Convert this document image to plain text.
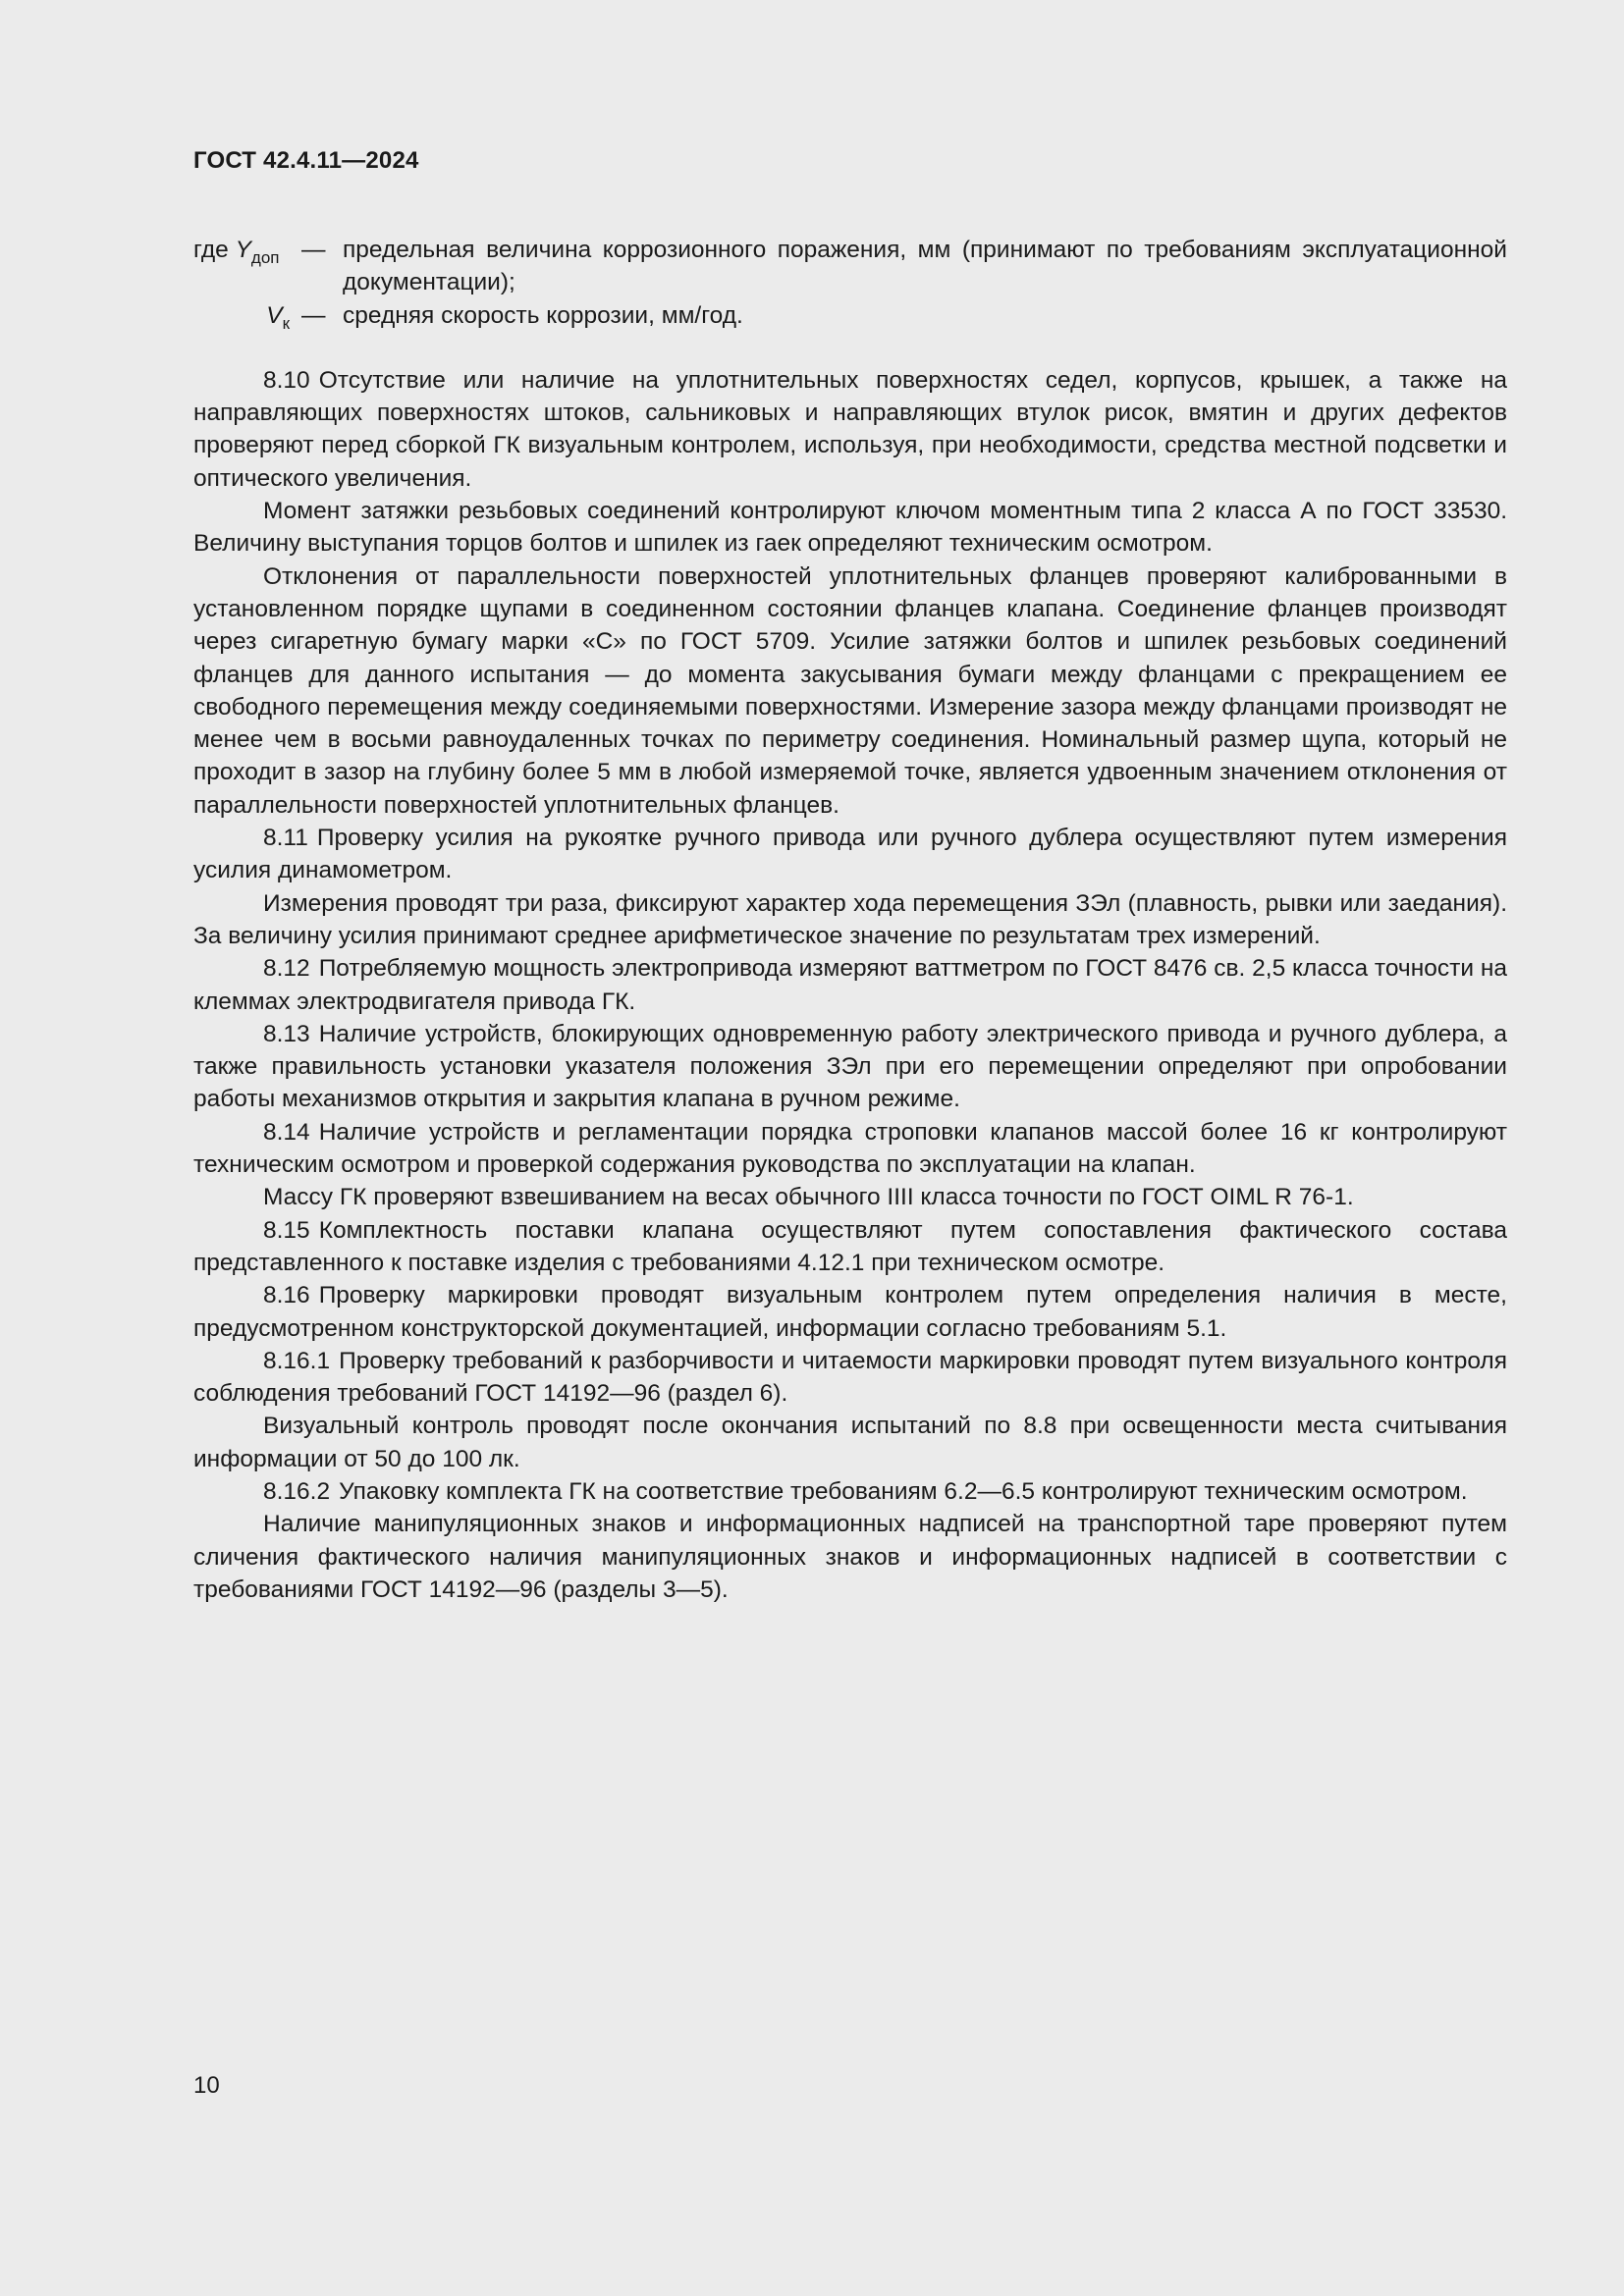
ГОСТ 42.4.11—2024
где $Y_{доп}$ — предельная величина коррозионного поражения, мм (принимают по требованиям эксплуатационной документации);
$V_к$ — средняя скорость коррозии, мм/год.

8.10 Отсутствие или наличие на уплотнительных поверхностях седел, корпусов, крышек, а также на направляющих поверхностях штоков, сальниковых и направляющих втулок рисок, вмятин и других дефектов проверяют перед сборкой ГК визуальным контролем, используя, при необходимости, средства местной подсветки и оптического увеличения.

Момент затяжки резьбовых соединений контролируют ключом моментным типа 2 класса А по ГОСТ 33530. Величину выступания торцов болтов и шпилек из гаек определяют техническим осмотром.

Отклонения от параллельности поверхностей уплотнительных фланцев проверяют калиброванными в установленном порядке щупами в соединенном состоянии фланцев клапана. Соединение фланцев производят через сигаретную бумагу марки «С» по ГОСТ 5709. Усилие затяжки болтов и шпилек резьбовых соединений фланцев для данного испытания — до момента закусывания бумаги между фланцами с прекращением ее свободного перемещения между соединяемыми поверхностями. Измерение зазора между фланцами производят не менее чем в восьми равноудаленных точках по периметру соединения. Номинальный размер щупа, который не проходит в зазор на глубину более 5 мм в любой измеряемой точке, является удвоенным значением отклонения от параллельности поверхностей уплотнительных фланцев.

8.11 Проверку усилия на рукоятке ручного привода или ручного дублера осуществляют путем измерения усилия динамометром.

Измерения проводят три раза, фиксируют характер хода перемещения ЗЭл (плавность, рывки или заедания). За величину усилия принимают среднее арифметическое значение по результатам трех измерений.

8.12 Потребляемую мощность электропривода измеряют ваттметром по ГОСТ 8476 св. 2,5 класса точности на клеммах электродвигателя привода ГК.

8.13 Наличие устройств, блокирующих одновременную работу электрического привода и ручного дублера, а также правильность установки указателя положения ЗЭл при его перемещении определяют при опробовании работы механизмов открытия и закрытия клапана в ручном режиме.

8.14 Наличие устройств и регламентации порядка строповки клапанов массой более 16 кг контролируют техническим осмотром и проверкой содержания руководства по эксплуатации на клапан.

Массу ГК проверяют взвешиванием на весах обычного IIII класса точности по ГОСТ OIML R 76-1.

8.15 Комплектность поставки клапана осуществляют путем сопоставления фактического состава представленного к поставке изделия с требованиями 4.12.1 при техническом осмотре.

8.16 Проверку маркировки проводят визуальным контролем путем определения наличия в месте, предусмотренном конструкторской документацией, информации согласно требованиям 5.1.

8.16.1 Проверку требований к разборчивости и читаемости маркировки проводят путем визуального контроля соблюдения требований ГОСТ 14192—96 (раздел 6).

Визуальный контроль проводят после окончания испытаний по 8.8 при освещенности места считывания информации от 50 до 100 лк.

8.16.2 Упаковку комплекта ГК на соответствие требованиям 6.2—6.5 контролируют техническим осмотром.

Наличие манипуляционных знаков и информационных надписей на транспортной таре проверяют путем сличения фактического наличия манипуляционных знаков и информационных надписей в соответствии с требованиями ГОСТ 14192—96 (разделы 3—5).

10
